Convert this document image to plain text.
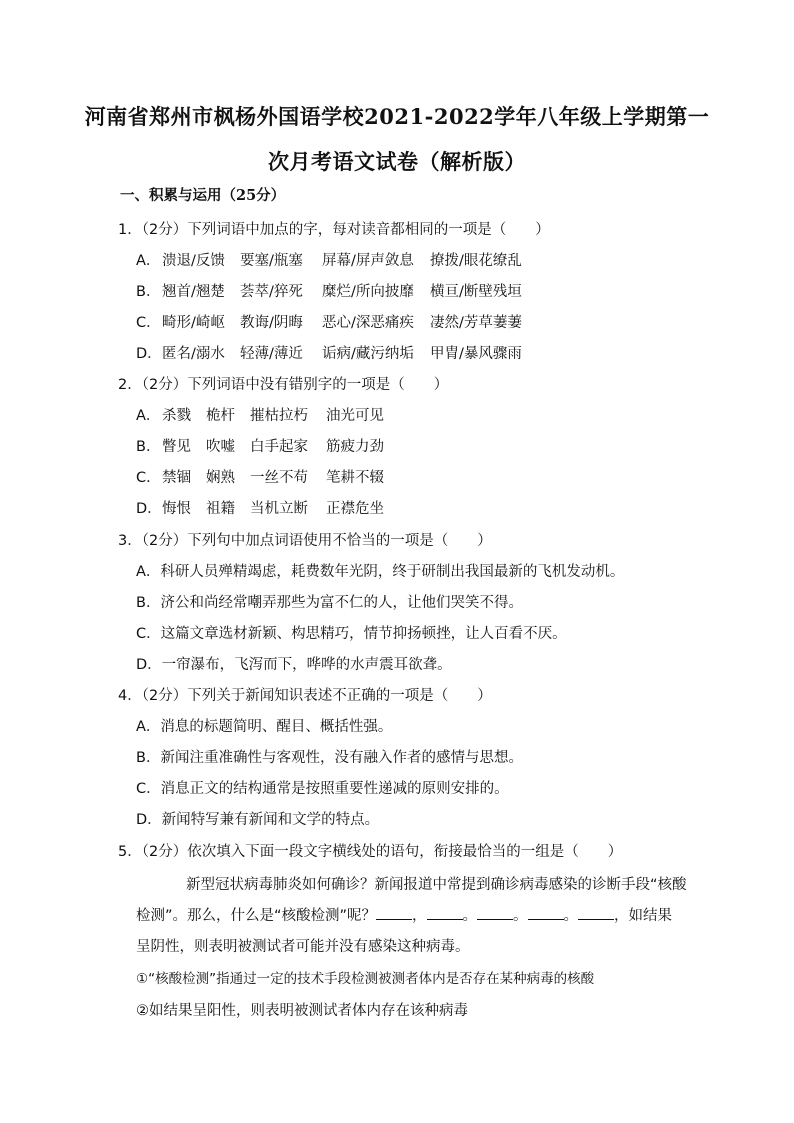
河南省郑州市枫杨外国语学校2021-2022学年八年级上学期第一
次月考语文试卷（解析版）
一、积累与运用（25分）
1．（2分）下列词语中加点的字，每对读音都相同的一项是（　　）
A． 溃退/反馈 要塞/瓶塞 屏幕/屏声敛息 撩拨/眼花缭乱
B． 翘首/翘楚 荟萃/猝死 糜烂/所向披靡 横亘/断壁残垣
C．畸形/崎岖 教诲/阴晦 恶心/深恶痛疾 凄然/芳草萋萋
D．匿名/溺水 轻薄/薄近 诟病/藏污纳垢 甲胄/暴风骤雨
2．（2分）下列词语中没有错别字的一项是（　　）
A． 杀戮 桅杆 摧枯拉朽 油光可见
B． 瞥见 吹嘘 白手起家 筋疲力劲
C．禁锢 娴熟 一丝不苟 笔耕不辍
D．悔恨 祖籍 当机立断 正襟危坐
3．（2分）下列句中加点词语使用不恰当的一项是（　　）
A．科研人员殚精竭虑，耗费数年光阴，终于研制出我国最新的飞机发动机。
B．济公和尚经常嘲弄那些为富不仁的人，让他们哭笑不得。
C．这篇文章选材新颖、构思精巧，情节抑扬顿挫，让人百看不厌。
D．一帘瀑布，飞泻而下，哗哗的水声震耳欲聋。
4．（2分）下列关于新闻知识表述不正确的一项是（　　）
A．消息的标题简明、醒目、概括性强。
B．新闻注重准确性与客观性，没有融入作者的感情与思想。
C．消息正文的结构通常是按照重要性递减的原则安排的。
D．新闻特写兼有新闻和文学的特点。
5．（2分）依次填入下面一段文字横线处的语句，衔接最恰当的一组是（　　）
新型冠状病毒肺炎如何确诊？新闻报道中常提到确诊病毒感染的诊断手段“核酸
检测”。那么，什么是“核酸检测”呢？ ， 。 。 。 ，如结果
呈阴性，则表明被测试者可能并没有感染这种病毒。
①“核酸检测”指通过一定的技术手段检测被测者体内是否存在某种病毒的核酸
②如结果呈阳性，则表明被测试者体内存在该种病毒
